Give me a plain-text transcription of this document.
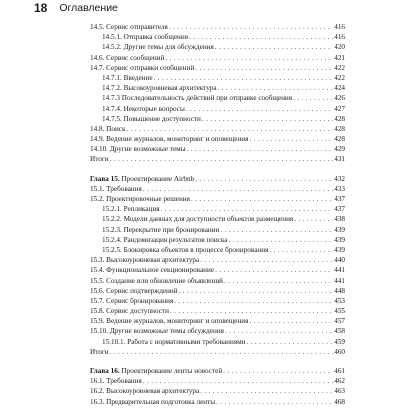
18 Оглавление
14.5. Сервис отправителя . . .	416
14.5.1. Отправка сообщения . . .	416
14.5.2. Другие темы для обсуждения . . .	420
14.6. Сервис сообщений . . .	421
14.7. Сервис отправки сообщений . . .	422
14.7.1. Введение . . .	422
14.7.2. Высокоуровневая архитектура . . .	424
14.7.3 Последовательность действий при отправке сообщения . . .	426
14.7.4. Некоторые вопросы . . .	427
14.7.5. Повышение доступности . . .	428
14.8. Поиск . . .	428
14.9. Ведение журналов, мониторинг и оповещения . . .	428
14.10. Другие возможные темы . . .	429
Итоги . . .	431
Глава 15. Проектирование Airbnb . . .	432
15.1. Требования . . .	433
15.2. Проектировочные решения . . .	437
15.2.1. Репликация . . .	437
15.2.2. Модели данных для доступности объектов размещения . . .	438
15.2.3. Перекрытие при бронировании . . .	439
15.2.4. Рандомизация результатов поиска . . .	439
15.2.5. Блокировка объектов в процессе бронирования . . .	439
15.3. Высокоуровневая архитектура . . .	440
15.4. Функциональное секционирование . . .	441
15.5. Создание или обновление объявлений . . .	441
15.6. Сервис подтверждений . . .	448
15.7. Сервис бронирования . . .	453
15.8. Сервис доступности . . .	455
15.9. Ведение журналов, мониторинг и оповещения . . .	457
15.10. Другие возможные темы обсуждения . . .	458
15.10.1. Работа с нормативными требованиями . . .	459
Итоги . . .	460
Глава 16. Проектирование ленты новостей . . .	461
16.1. Требования . . .	462
16.2. Высокоуровневая архитектура . . .	463
16.3. Предварительная подготовка ленты . . .	468
